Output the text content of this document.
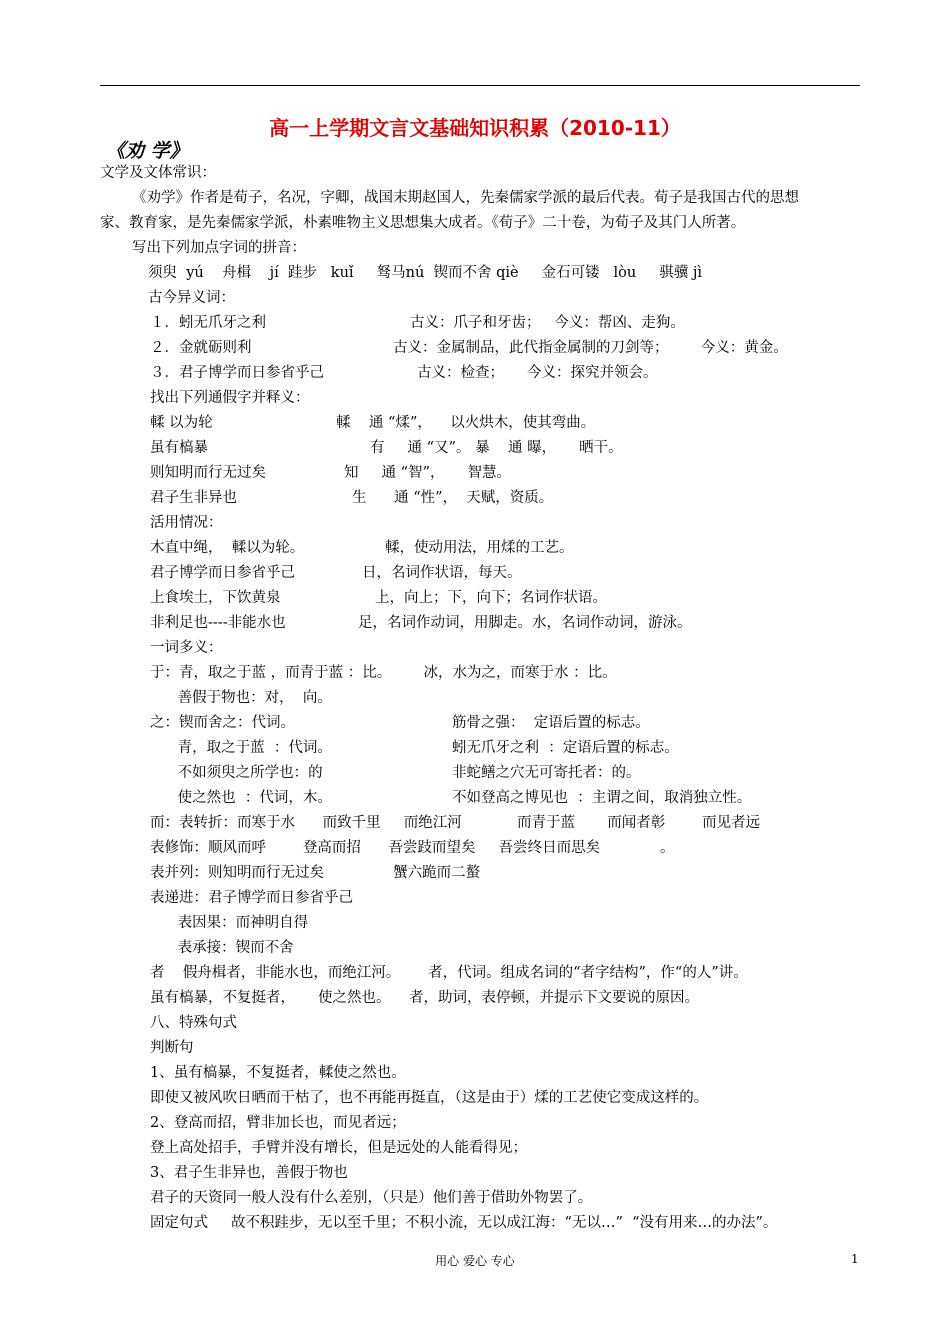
高一上学期文言文基础知识积累（2010-11）
《劝 学》
文学及文体常识：
《劝学》作者是荀子，名况，字卿，战国末期赵国人，先秦儒家学派的最后代表。荀子是我国古代的思想
家、教育家，是先秦儒家学派，朴素唯物主义思想集大成者。《荀子》二十卷，为荀子及其门人所著。
写出下列加点字词的拼音：
须臾  yú    舟楫    jí  跬步   kuǐ     驽马nú  锲而不舍 qiè     金石可镂   lòu     骐骥 jì
古今异义词：
１．蚓无爪牙之利	古义：爪子和牙齿；   今义：帮凶、走狗。
２．金就砺则利	古义：金属制品，此代指金属制的刀剑等；       今义：黄金。
３．君子博学而日参省乎己	古义：检查；     今义：探究并领会。
找出下列通假字并释义：
輮 以为轮	輮    通 “煣”，    以火烘木，使其弯曲。
虽有槁暴	有     通 “又”。 暴    通 曝，     晒干。
则知明而行无过矣	知     通 “智”，     智慧。
君子生非异也	生      通 “性”，  天赋，资质。
活用情况：
木直中绳，  輮以为轮。	輮，使动用法，用煣的工艺。
君子博学而日参省乎己	日，名词作状语，每天。
上食埃土，下饮黄泉	上，向上；下，向下；名词作状语。
非利足也----非能水也	足，名词作动词，用脚走。水，名词作动词，游泳。
一词多义：
于：青，取之于蓝 ，而青于蓝 ：比。       冰，水为之，而寒于水 ：比。
善假于物也：对，  向。
之：锲而舍之：代词。	筋骨之强：  定语后置的标志。
青，取之于蓝  ：代词。	蚓无爪牙之利  ：定语后置的标志。
不如须臾之所学也：的	非蛇鳝之穴无可寄托者：的。
使之然也  ：代词，木。	不如登高之博见也  ：主谓之间，取消独立性。
而：表转折：而寒于水      而致千里     而绝江河            而青于蓝       而闻者彰        而见者远
表修饰：顺风而呼        登高而招      吾尝跂而望矣     吾尝终日而思矣             。
表并列：则知明而行无过矣               蟹六跪而二螯
表递进：君子博学而日参省乎己
表因果：而神明自得
表承接：锲而不舍
者    假舟楫者，非能水也，而绝江河。      者，代词。组成名词的“者字结构”，作“的人”讲。
虽有槁暴，不复挺者，     使之然也。    者，助词，表停顿，并提示下文要说的原因。
八、特殊句式
判断句
1、虽有槁暴，不复挺者，輮使之然也。
即使又被风吹日晒而干枯了，也不再能再挺直，（这是由于）煣的工艺使它变成这样的。
2、登高而招，臂非加长也，而见者远；
登上高处招手，手臂并没有增长，但是远处的人能看得见；
3、君子生非异也，善假于物也
君子的天资同一般人没有什么差别，（只是）他们善于借助外物罢了。
固定句式     故不积跬步，无以至千里；不积小流，无以成江海：“无以…”  “没有用来…的办法”。
用心 爱心 专心	1
